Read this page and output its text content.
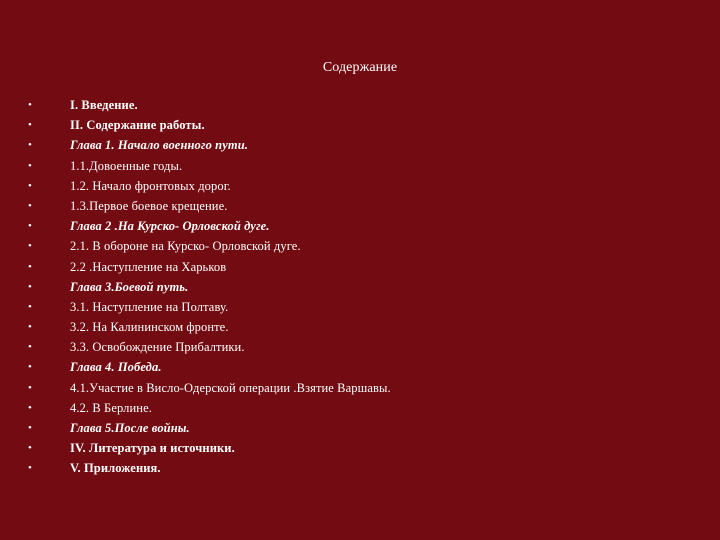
Содержание
•	I. Введение.
•	II. Содержание работы.
•	Глава 1. Начало военного пути.
•	1.1.Довоенные годы.
•	1.2. Начало фронтовых дорог.
•	1.3.Первое боевое крещение.
•	Глава 2 .На Курско- Орловской дуге.
•	2.1. В обороне на Курско- Орловской дуге.
•	2.2 .Наступление на Харьков
•	Глава 3.Боевой путь.
•	3.1. Наступление на Полтаву.
•	3.2. На Калининском фронте.
•	3.3. Освобождение Прибалтики.
•	Глава 4. Победа.
•	4.1.Участие в Висло-Одерской операции .Взятие Варшавы.
•	4.2. В Берлине.
•	Глава 5.После войны.
•	IV. Литература и источники.
•	V. Приложения.
